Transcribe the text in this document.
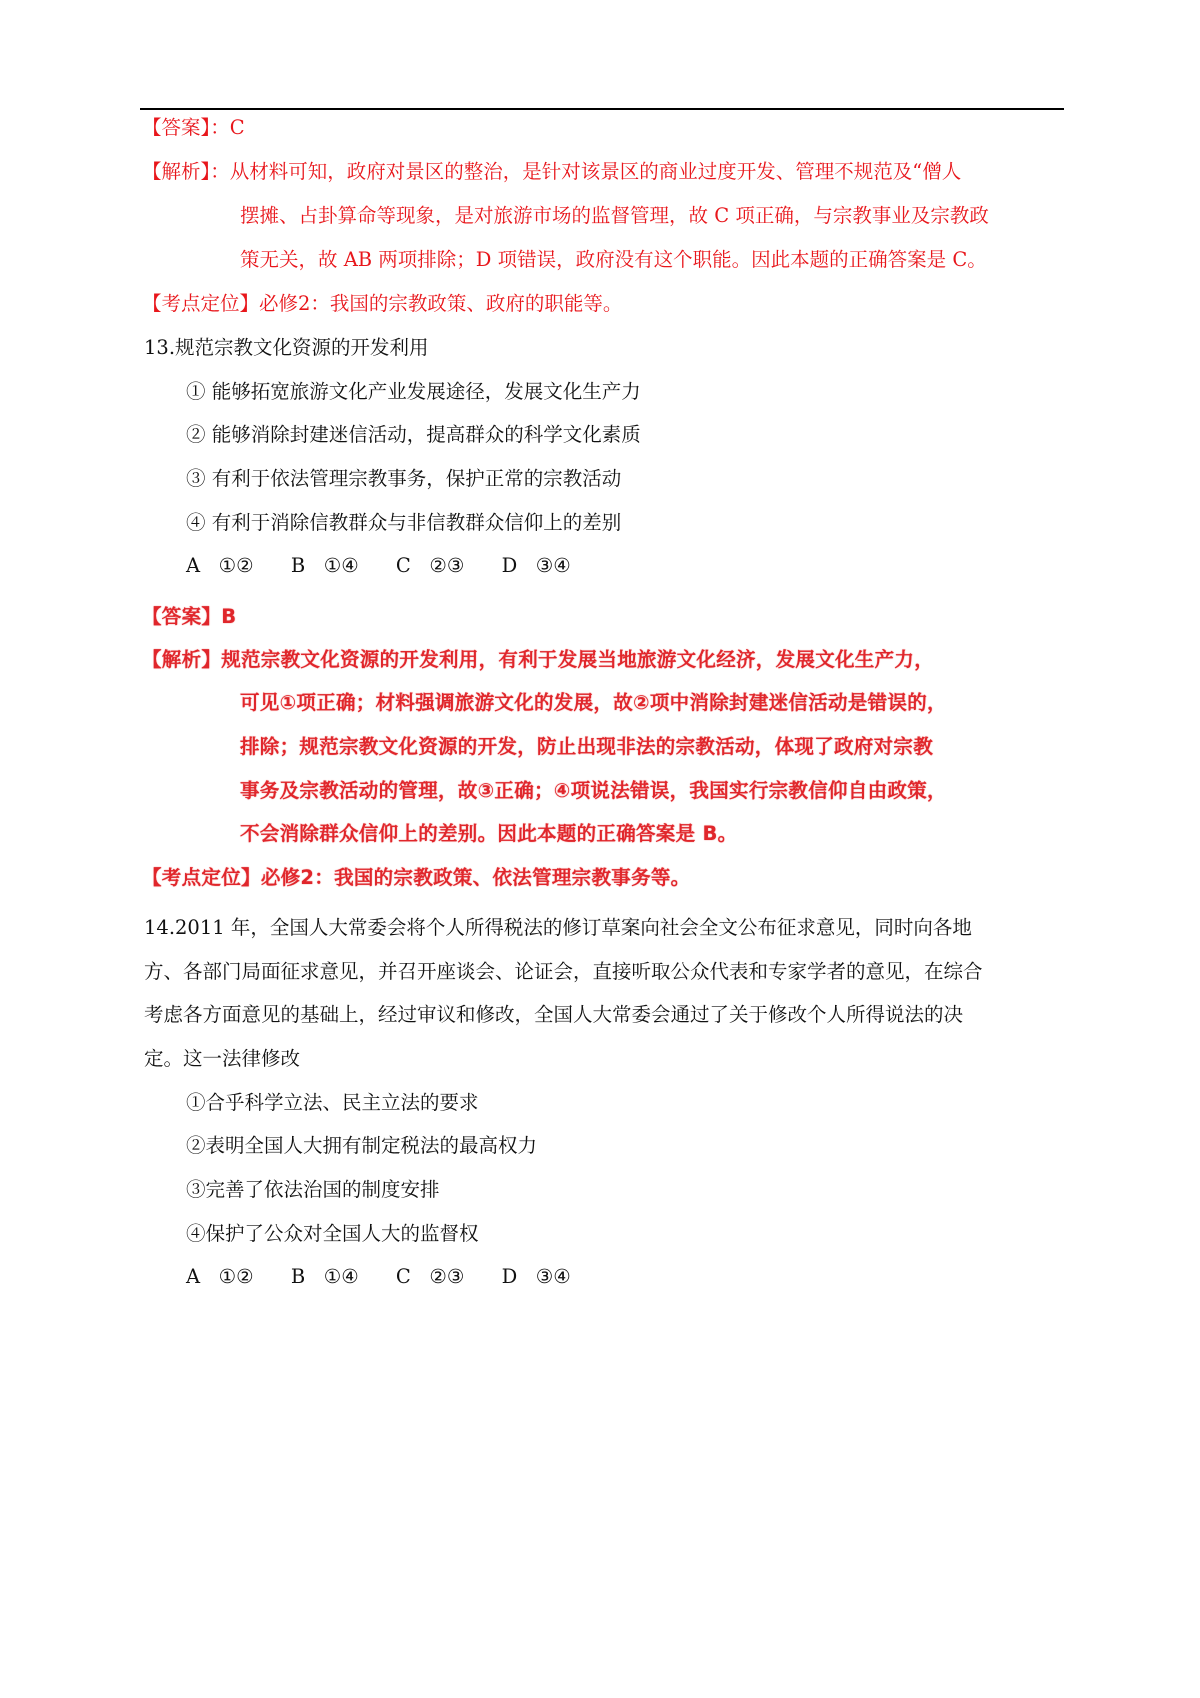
【答案】：C
【解析】：从材料可知，政府对景区的整治，是针对该景区的商业过度开发、管理不规范及“僧人
摆摊、占卦算命等现象，是对旅游市场的监督管理，故 C 项正确，与宗教事业及宗教政
策无关，故 AB 两项排除；D 项错误，政府没有这个职能。因此本题的正确答案是 C。
【考点定位】必修2：我国的宗教政策、政府的职能等。
13.规范宗教文化资源的开发利用
① 能够拓宽旅游文化产业发展途径，发展文化生产力
② 能够消除封建迷信活动，提高群众的科学文化素质
③ 有利于依法管理宗教事务，保护正常的宗教活动
④ 有利于消除信教群众与非信教群众信仰上的差别
A   ①②      B   ①④      C   ②③      D   ③④
【答案】B
【解析】规范宗教文化资源的开发利用，有利于发展当地旅游文化经济，发展文化生产力，
可见①项正确；材料强调旅游文化的发展，故②项中消除封建迷信活动是错误的，
排除；规范宗教文化资源的开发，防止出现非法的宗教活动，体现了政府对宗教
事务及宗教活动的管理，故③正确；④项说法错误，我国实行宗教信仰自由政策，
不会消除群众信仰上的差别。因此本题的正确答案是 B。
【考点定位】必修2：我国的宗教政策、依法管理宗教事务等。
14.2011 年，全国人大常委会将个人所得税法的修订草案向社会全文公布征求意见，同时向各地
方、各部门局面征求意见，并召开座谈会、论证会，直接听取公众代表和专家学者的意见，在综合
考虑各方面意见的基础上，经过审议和修改，全国人大常委会通过了关于修改个人所得说法的决
定。这一法律修改
①合乎科学立法、民主立法的要求
②表明全国人大拥有制定税法的最高权力
③完善了依法治国的制度安排
④保护了公众对全国人大的监督权
A   ①②      B   ①④      C   ②③      D   ③④
